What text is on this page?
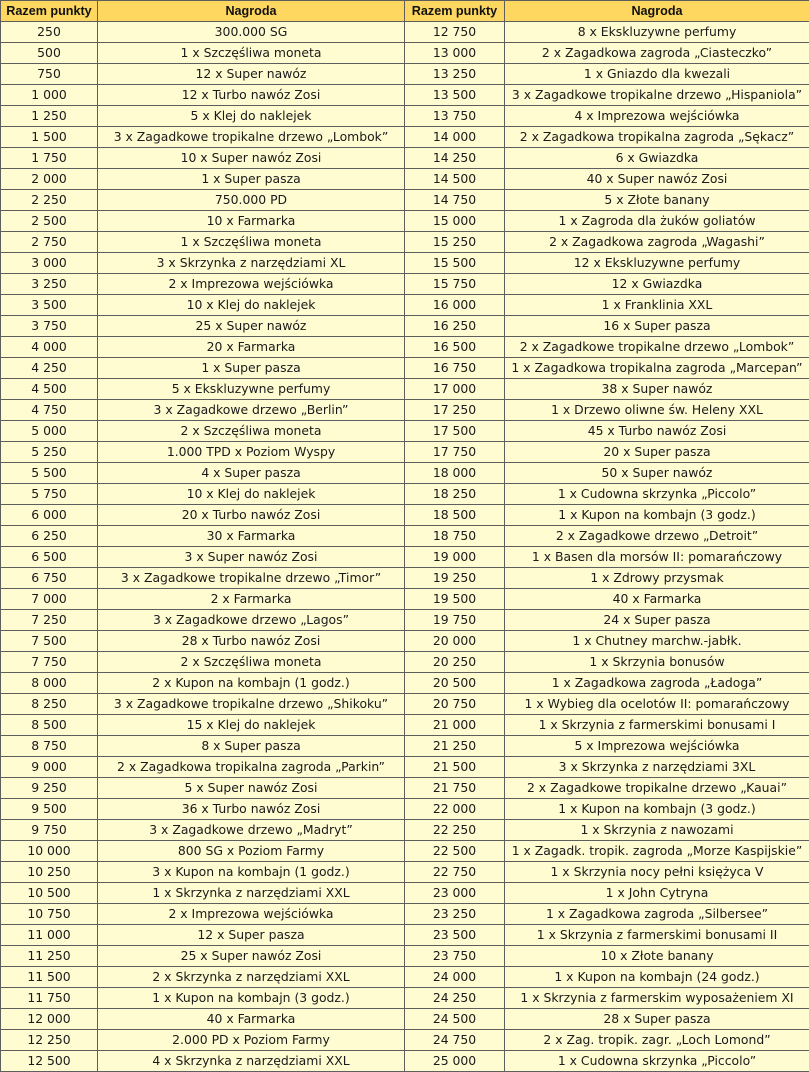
Razem punkty	Nagroda	Razem punkty	Nagroda
250	300.000 SG	12 750	8 x Ekskluzywne perfumy
500	1 x Szczęśliwa moneta	13 000	2 x Zagadkowa zagroda „Ciasteczko”
750	12 x Super nawóz	13 250	1 x Gniazdo dla kwezali
1 000	12 x Turbo nawóz Zosi	13 500	3 x Zagadkowe tropikalne drzewo „Hispaniola”
1 250	5 x Klej do naklejek	13 750	4 x Imprezowa wejściówka
1 500	3 x Zagadkowe tropikalne drzewo „Lombok”	14 000	2 x Zagadkowa tropikalna zagroda „Sękacz”
1 750	10 x Super nawóz Zosi	14 250	6 x Gwiazdka
2 000	1 x Super pasza	14 500	40 x Super nawóz Zosi
2 250	750.000 PD	14 750	5 x Złote banany
2 500	10 x Farmarka	15 000	1 x Zagroda dla żuków goliatów
2 750	1 x Szczęśliwa moneta	15 250	2 x Zagadkowa zagroda „Wagashi”
3 000	3 x Skrzynka z narzędziami XL	15 500	12 x Ekskluzywne perfumy
3 250	2 x Imprezowa wejściówka	15 750	12 x Gwiazdka
3 500	10 x Klej do naklejek	16 000	1 x Franklinia XXL
3 750	25 x Super nawóz	16 250	16 x Super pasza
4 000	20 x Farmarka	16 500	2 x Zagadkowe tropikalne drzewo „Lombok”
4 250	1 x Super pasza	16 750	1 x Zagadkowa tropikalna zagroda „Marcepan”
4 500	5 x Ekskluzywne perfumy	17 000	38 x Super nawóz
4 750	3 x Zagadkowe drzewo „Berlin”	17 250	1 x Drzewo oliwne św. Heleny XXL
5 000	2 x Szczęśliwa moneta	17 500	45 x Turbo nawóz Zosi
5 250	1.000 TPD x Poziom Wyspy	17 750	20 x Super pasza
5 500	4 x Super pasza	18 000	50 x Super nawóz
5 750	10 x Klej do naklejek	18 250	1 x Cudowna skrzynka „Piccolo”
6 000	20 x Turbo nawóz Zosi	18 500	1 x Kupon na kombajn (3 godz.)
6 250	30 x Farmarka	18 750	2 x Zagadkowe drzewo „Detroit”
6 500	3 x Super nawóz Zosi	19 000	1 x Basen dla morsów II: pomarańczowy
6 750	3 x Zagadkowe tropikalne drzewo „Timor”	19 250	1 x Zdrowy przysmak
7 000	2 x Farmarka	19 500	40 x Farmarka
7 250	3 x Zagadkowe drzewo „Lagos”	19 750	24 x Super pasza
7 500	28 x Turbo nawóz Zosi	20 000	1 x Chutney marchw.-jabłk.
7 750	2 x Szczęśliwa moneta	20 250	1 x Skrzynia bonusów
8 000	2 x Kupon na kombajn (1 godz.)	20 500	1 x Zagadkowa zagroda „Ładoga”
8 250	3 x Zagadkowe tropikalne drzewo „Shikoku”	20 750	1 x Wybieg dla ocelotów II: pomarańczowy
8 500	15 x Klej do naklejek	21 000	1 x Skrzynia z farmerskimi bonusami I
8 750	8 x Super pasza	21 250	5 x Imprezowa wejściówka
9 000	2 x Zagadkowa tropikalna zagroda „Parkin”	21 500	3 x Skrzynka z narzędziami 3XL
9 250	5 x Super nawóz Zosi	21 750	2 x Zagadkowe tropikalne drzewo „Kauai”
9 500	36 x Turbo nawóz Zosi	22 000	1 x Kupon na kombajn (3 godz.)
9 750	3 x Zagadkowe drzewo „Madryt”	22 250	1 x Skrzynia z nawozami
10 000	800 SG x Poziom Farmy	22 500	1 x Zagadk. tropik. zagroda „Morze Kaspijskie”
10 250	3 x Kupon na kombajn (1 godz.)	22 750	1 x Skrzynia nocy pełni księżyca V
10 500	1 x Skrzynka z narzędziami XXL	23 000	1 x John Cytryna
10 750	2 x Imprezowa wejściówka	23 250	1 x Zagadkowa zagroda „Silbersee”
11 000	12 x Super pasza	23 500	1 x Skrzynia z farmerskimi bonusami II
11 250	25 x Super nawóz Zosi	23 750	10 x Złote banany
11 500	2 x Skrzynka z narzędziami XXL	24 000	1 x Kupon na kombajn (24 godz.)
11 750	1 x Kupon na kombajn (3 godz.)	24 250	1 x Skrzynia z farmerskim wyposażeniem XI
12 000	40 x Farmarka	24 500	28 x Super pasza
12 250	2.000 PD x Poziom Farmy	24 750	2 x Zag. tropik. zagr. „Loch Lomond”
12 500	4 x Skrzynka z narzędziami XXL	25 000	1 x Cudowna skrzynka „Piccolo”
